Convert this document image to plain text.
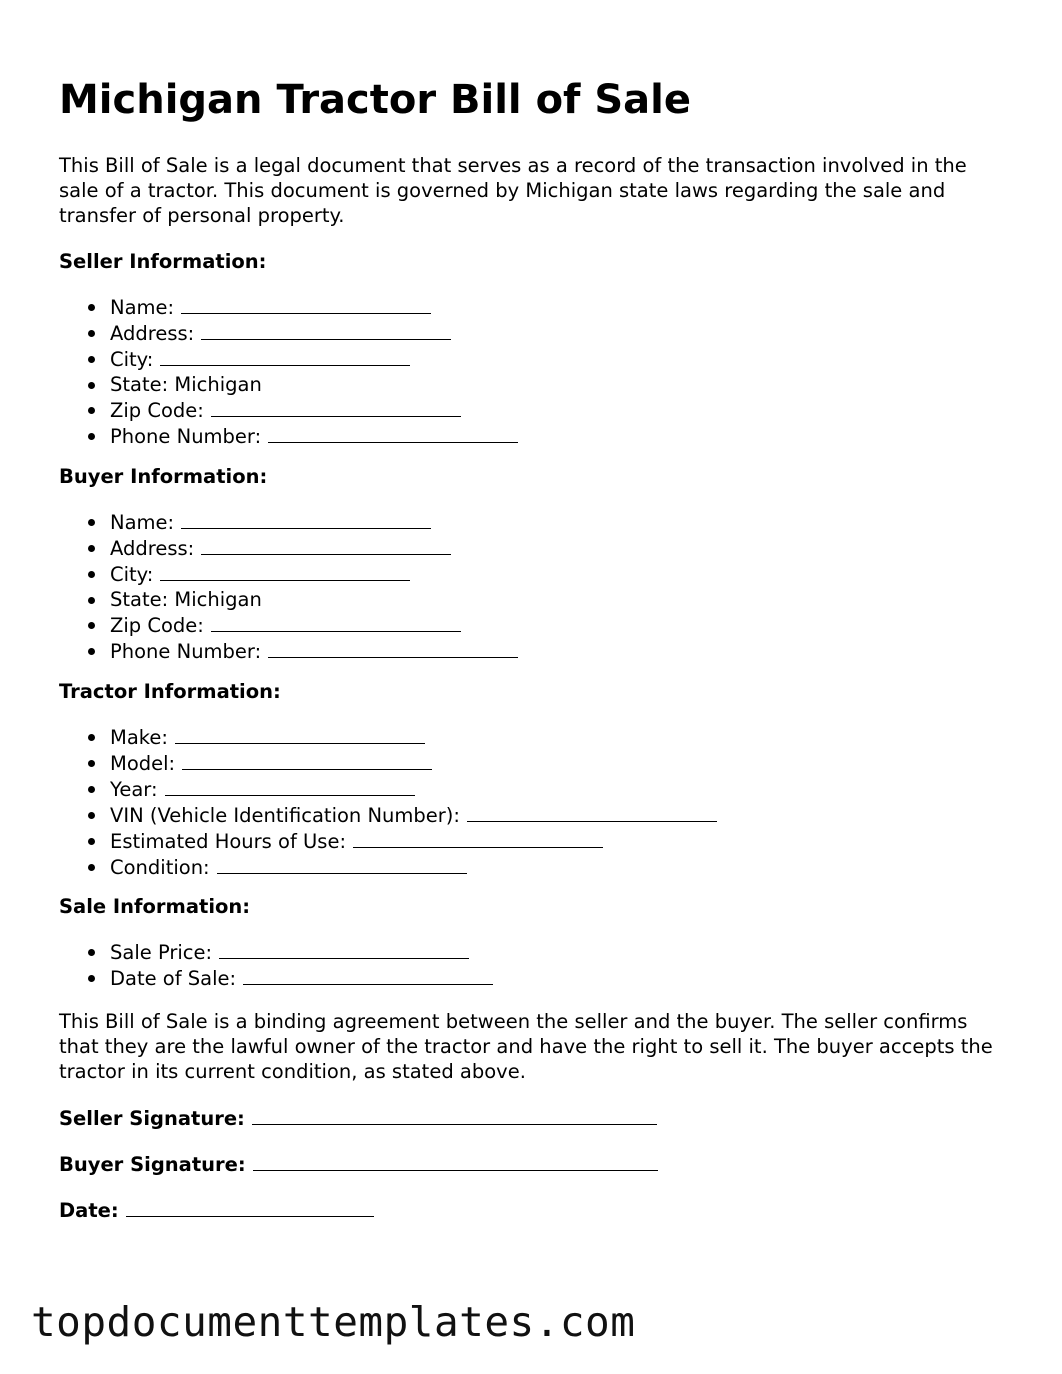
Michigan Tractor Bill of Sale

This Bill of Sale is a legal document that serves as a record of the transaction involved in the sale of a tractor. This document is governed by Michigan state laws regarding the sale and transfer of personal property.

Seller Information:

Name:
Address:
City:
State: Michigan
Zip Code:
Phone Number:

Buyer Information:

Name:
Address:
City:
State: Michigan
Zip Code:
Phone Number:

Tractor Information:

Make:
Model:
Year:
VIN (Vehicle Identification Number):
Estimated Hours of Use:
Condition:

Sale Information:

Sale Price:
Date of Sale:

This Bill of Sale is a binding agreement between the seller and the buyer. The seller confirms that they are the lawful owner of the tractor and have the right to sell it. The buyer accepts the tractor in its current condition, as stated above.

Seller Signature:

Buyer Signature:

Date:

topdocumenttemplates.com
